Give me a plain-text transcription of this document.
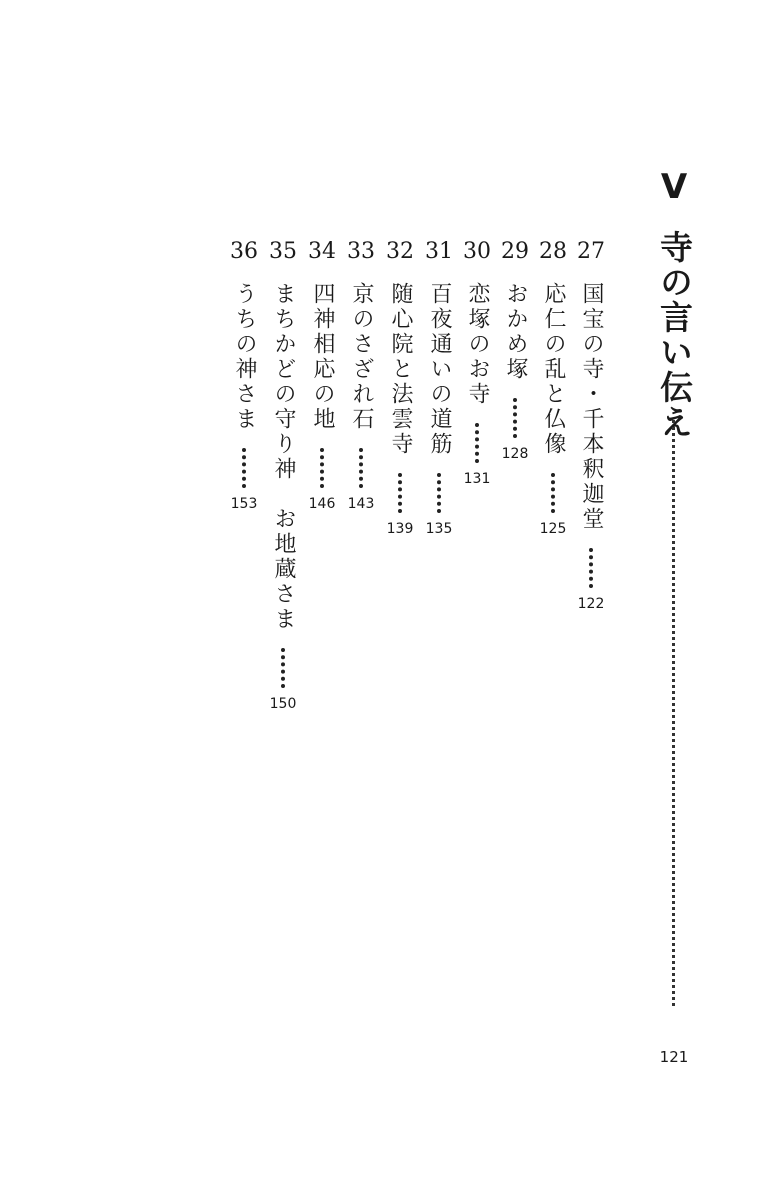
V
寺の言い伝え
121
27
国宝の寺・千本釈迦堂
122
28
応仁の乱と仏像
125
29
おかめ塚
128
30
恋塚のお寺
131
31
百夜通いの道筋
135
32
随心院と法雲寺
139
33
京のさざれ石
143
34
四神相応の地
146
35
まちかどの守り神　お地蔵さま
150
36
うちの神さま
153
